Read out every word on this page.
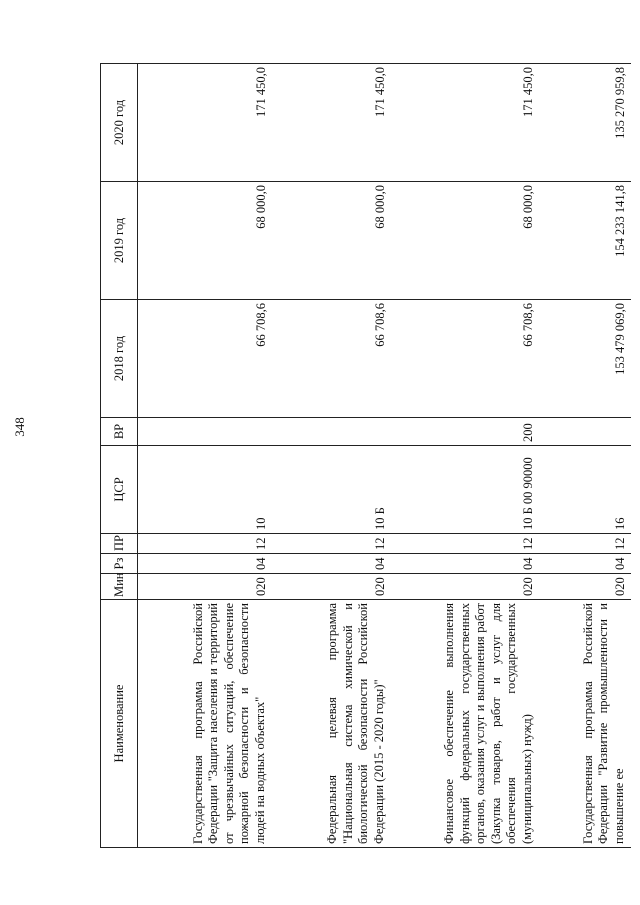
348
Наименование	Мин	Рз	ПР	ЦСР	ВР	2018 год	2019 год	2020 год
Государственная программа Российской Федерации "Защита населения и территорий от чрезвычайных ситуаций, обеспечение пожарной безопасности и безопасности людей на водных объектах"	020	04	12	10		66 708,6	68 000,0	171 450,0
Федеральная целевая программа "Национальная система химической и биологической безопасности Российской Федерации (2015 - 2020 годы)"	020	04	12	10 Б		66 708,6	68 000,0	171 450,0
Финансовое обеспечение выполнения функций федеральных государственных органов, оказания услуг и выполнения работ (Закупка товаров, работ и услуг для обеспечения государственных (муниципальных) нужд)	020	04	12	10 Б 00 90000	200	66 708,6	68 000,0	171 450,0
Государственная программа Российской Федерации "Развитие промышленности и повышение ее	020	04	12	16		153 479 069,0	154 233 141,8	135 270 959,8
